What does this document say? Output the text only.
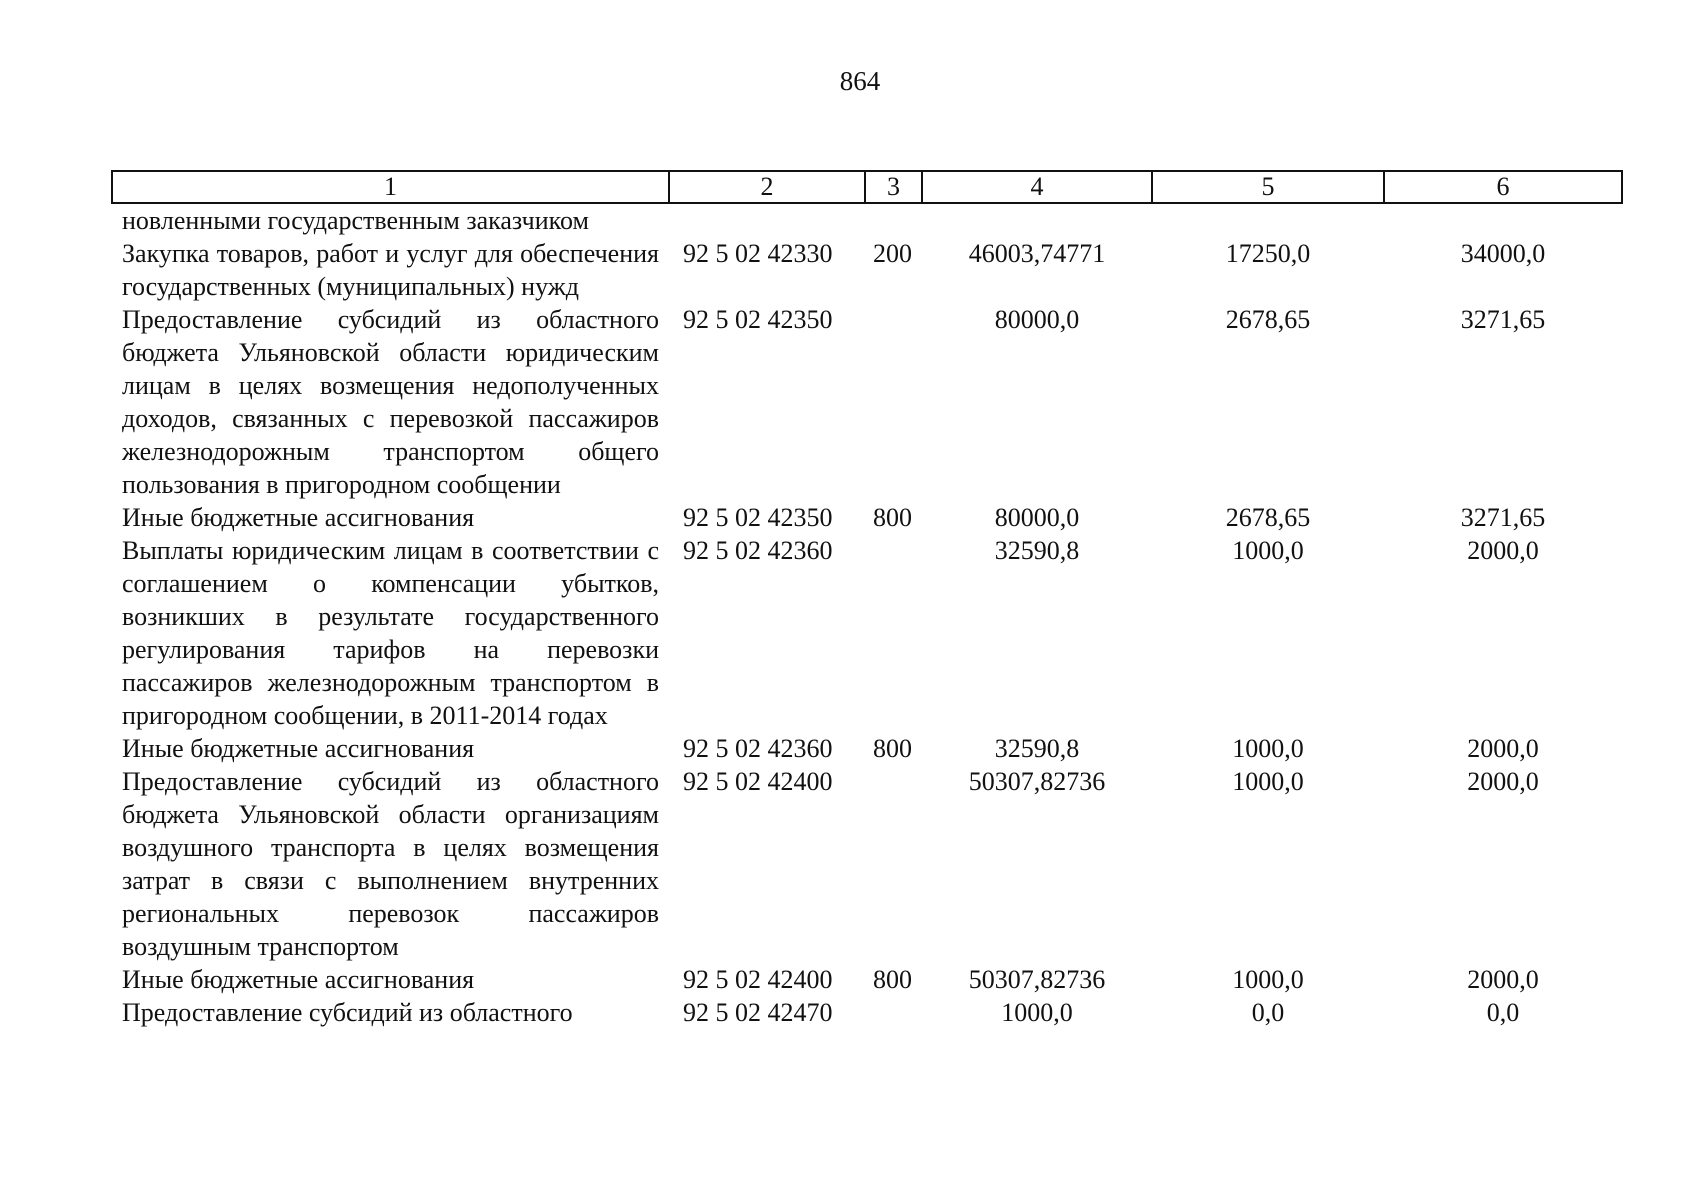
864
1	2	3	4	5	6
новленными государственным заказчиком					
Закупка товаров, работ и услуг для обеспечения государственных (муниципальных) нужд	92 5 02 42330	200	46003,74771	17250,0	34000,0
Предоставление субсидий из областного бюджета Ульяновской области юридическим лицам в целях возмещения недополученных доходов, связанных с перевозкой пассажиров железнодорожным транспортом общего пользования в пригородном сообщении	92 5 02 42350		80000,0	2678,65	3271,65
Иные бюджетные ассигнования	92 5 02 42350	800	80000,0	2678,65	3271,65
Выплаты юридическим лицам в соответствии с соглашением о компенсации убытков, возникших в результате государственного регулирования тарифов на перевозки пассажиров железнодорожным транспортом в пригородном сообщении, в 2011-2014 годах	92 5 02 42360		32590,8	1000,0	2000,0
Иные бюджетные ассигнования	92 5 02 42360	800	32590,8	1000,0	2000,0
Предоставление субсидий из областного бюджета Ульяновской области организациям воздушного транспорта в целях возмещения затрат в связи с выполнением внутренних региональных перевозок пассажиров воздушным транспортом	92 5 02 42400		50307,82736	1000,0	2000,0
Иные бюджетные ассигнования	92 5 02 42400	800	50307,82736	1000,0	2000,0
Предоставление субсидий из областного	92 5 02 42470		1000,0	0,0	0,0
